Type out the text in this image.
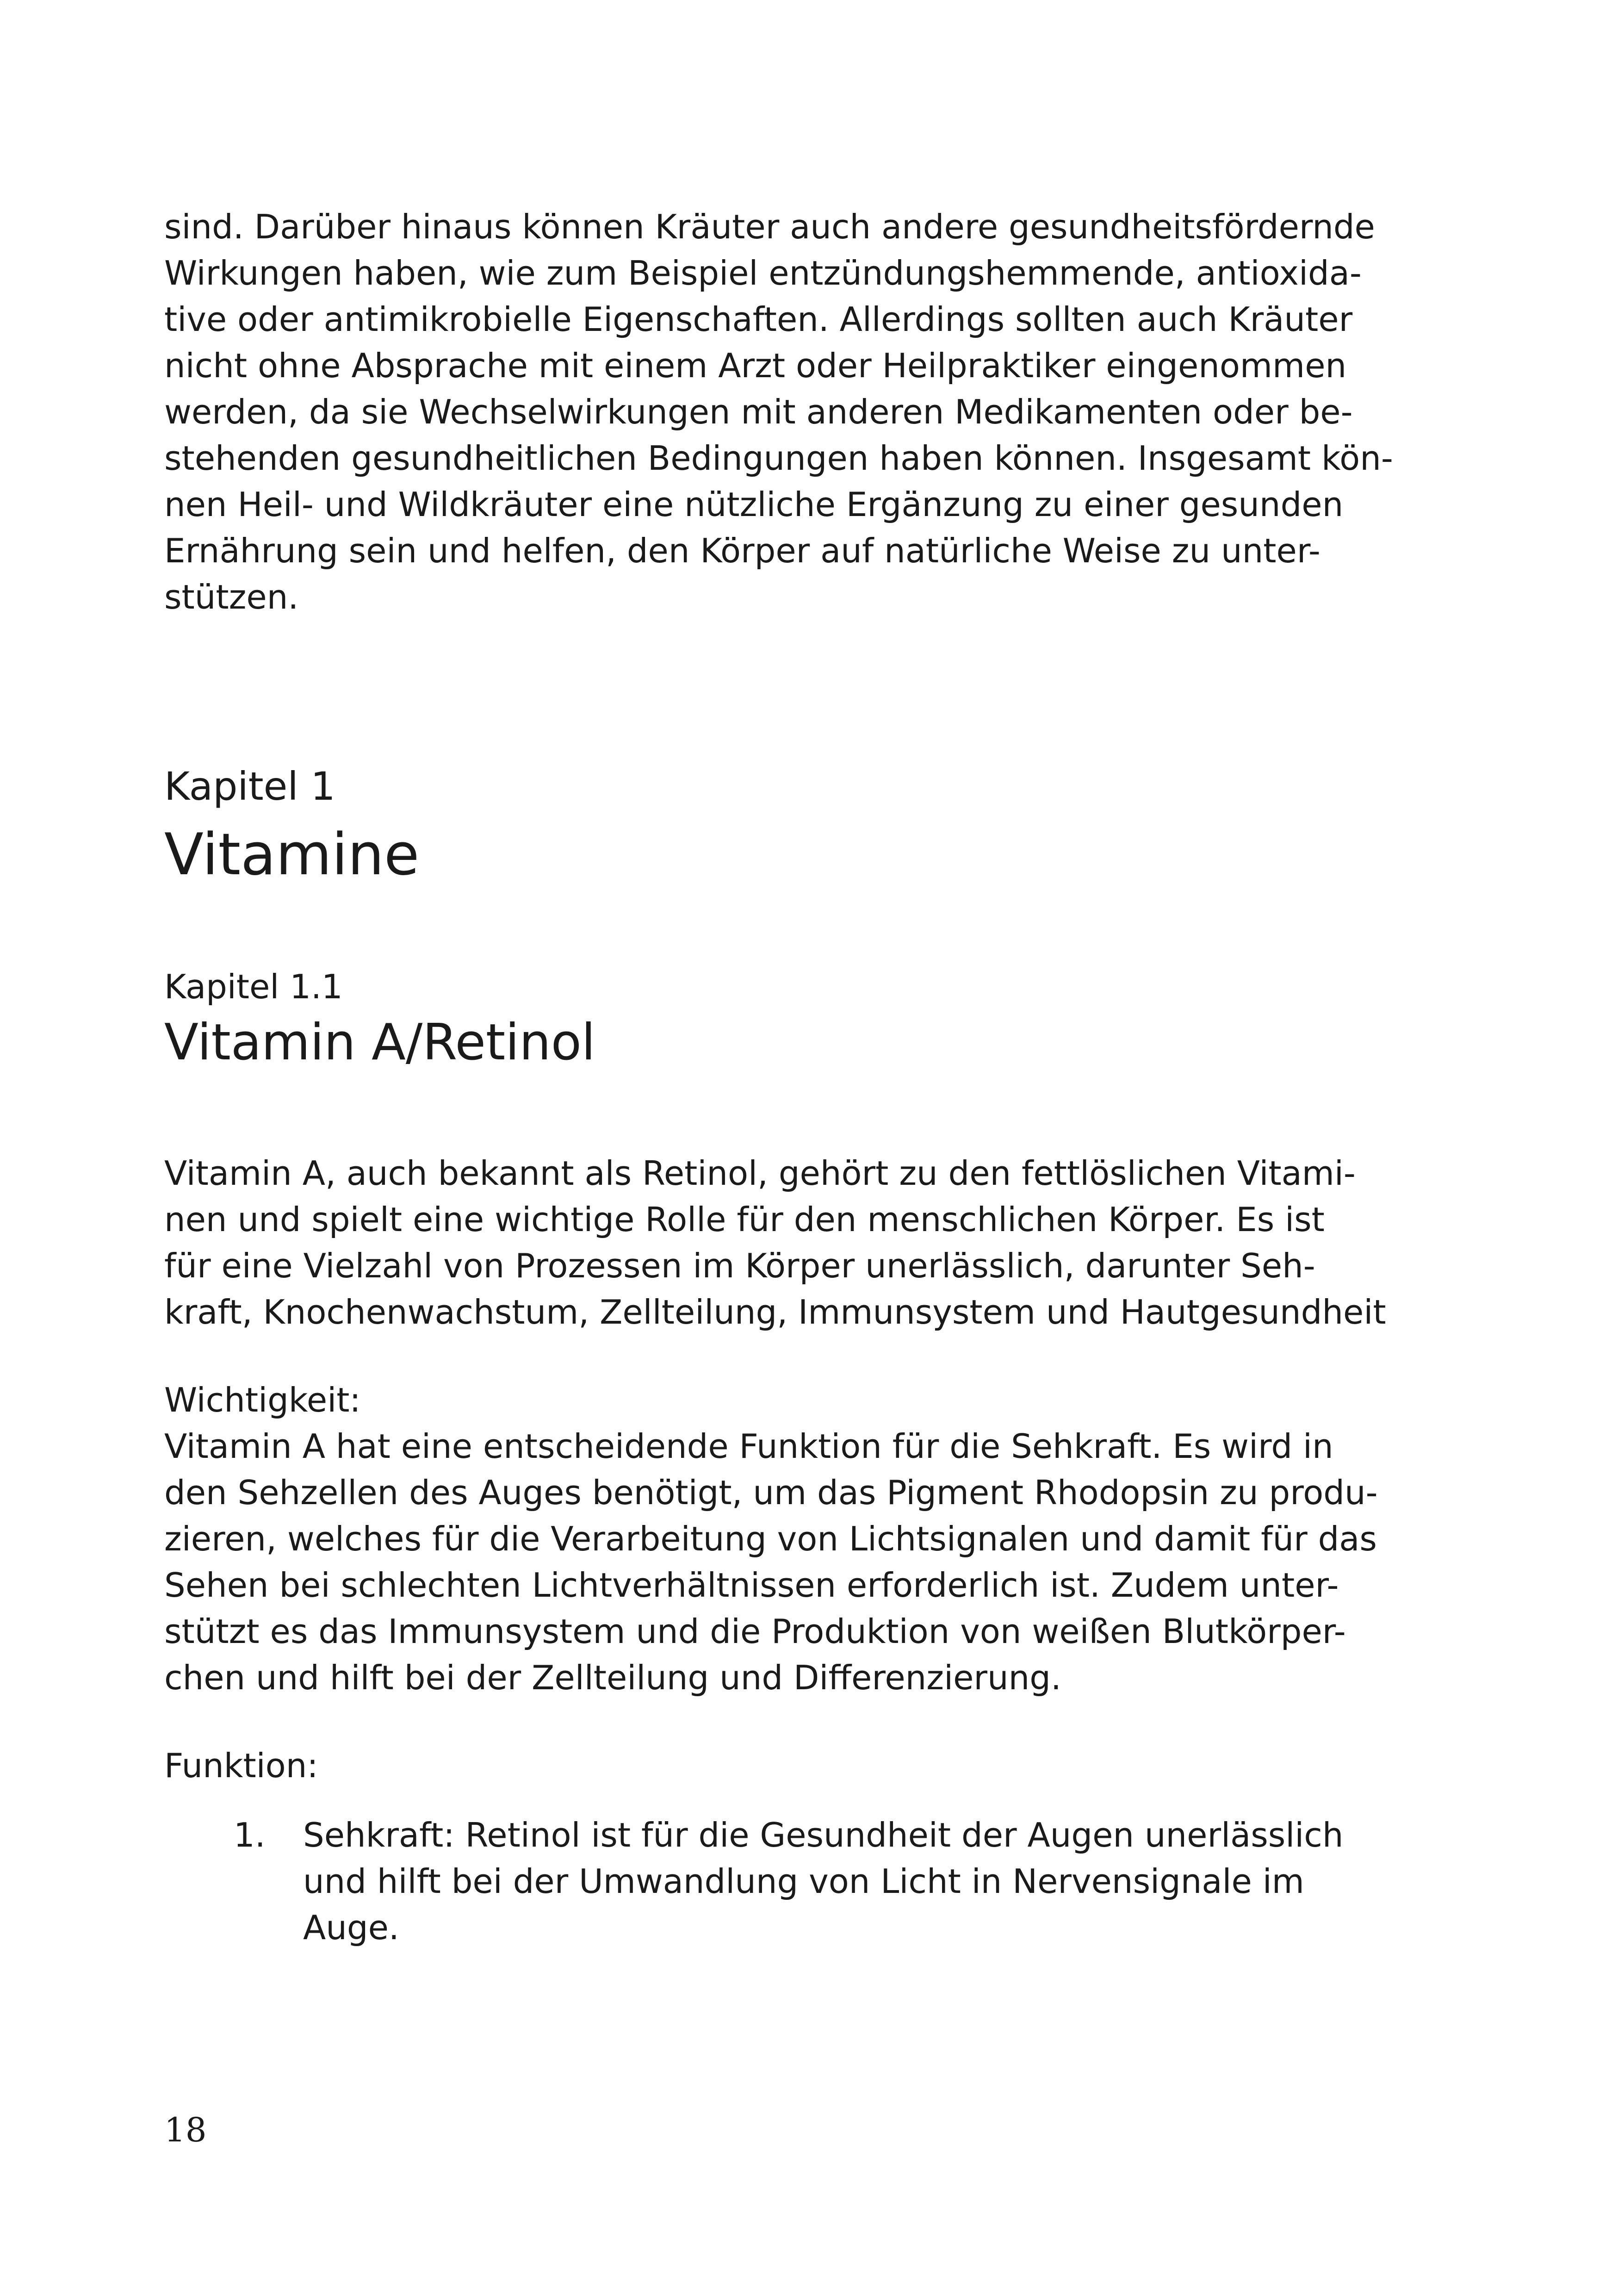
sind. Darüber hinaus können Kräuter auch andere gesundheitsfördernde
Wirkungen haben, wie zum Beispiel entzündungshemmende, antioxida-
tive oder antimikrobielle Eigenschaften. Allerdings sollten auch Kräuter
nicht ohne Absprache mit einem Arzt oder Heilpraktiker eingenommen
werden, da sie Wechselwirkungen mit anderen Medikamenten oder be-
stehenden gesundheitlichen Bedingungen haben können. Insgesamt kön-
nen Heil- und Wildkräuter eine nützliche Ergänzung zu einer gesunden
Ernährung sein und helfen, den Körper auf natürliche Weise zu unter-
stützen.
Kapitel 1
Vitamine
Kapitel 1.1
Vitamin A/Retinol
Vitamin A, auch bekannt als Retinol, gehört zu den fettlöslichen Vitami-
nen und spielt eine wichtige Rolle für den menschlichen Körper. Es ist
für eine Vielzahl von Prozessen im Körper unerlässlich, darunter Seh-
kraft, Knochenwachstum, Zellteilung, Immunsystem und Hautgesundheit
Wichtigkeit:
Vitamin A hat eine entscheidende Funktion für die Sehkraft. Es wird in
den Sehzellen des Auges benötigt, um das Pigment Rhodopsin zu produ-
zieren, welches für die Verarbeitung von Lichtsignalen und damit für das
Sehen bei schlechten Lichtverhältnissen erforderlich ist. Zudem unter-
stützt es das Immunsystem und die Produktion von weißen Blutkörper-
chen und hilft bei der Zellteilung und Differenzierung.
Funktion:
1. Sehkraft: Retinol ist für die Gesundheit der Augen unerlässlich
und hilft bei der Umwandlung von Licht in Nervensignale im
Auge.
18
